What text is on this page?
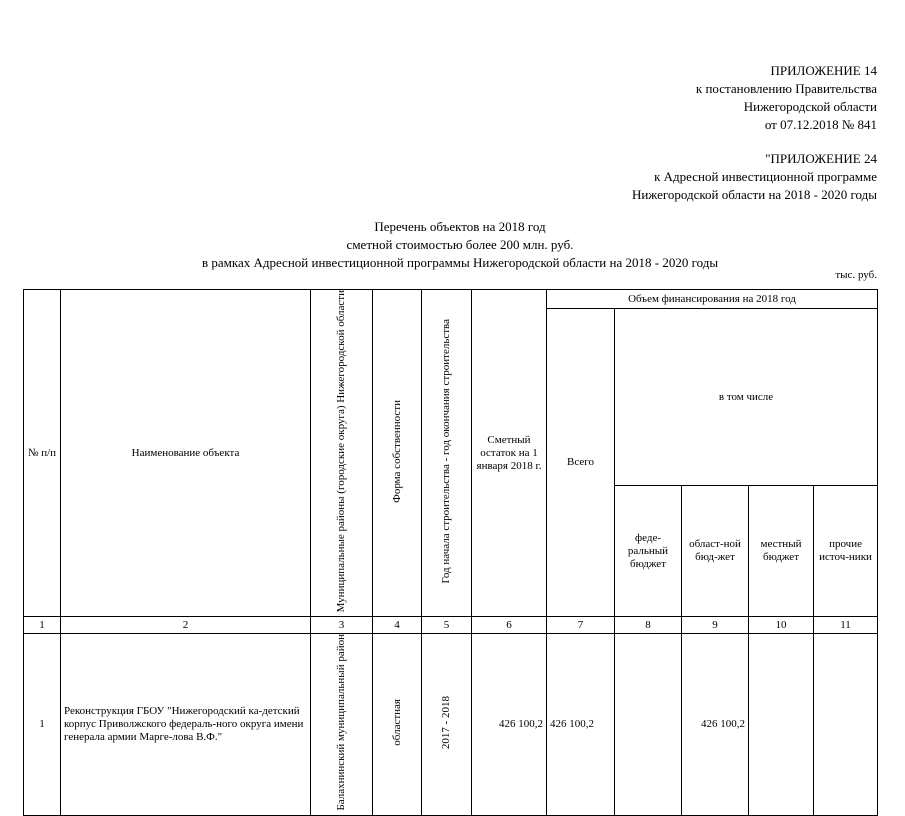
ПРИЛОЖЕНИЕ 14
к постановлению Правительства
Нижегородской области
от 07.12.2018 № 841
"ПРИЛОЖЕНИЕ 24
к Адресной инвестиционной программе
Нижегородской области на 2018 - 2020 годы
Перечень объектов на 2018 год
сметной стоимостью более 200 млн. руб.
в рамках Адресной инвестиционной программы Нижегородской области на 2018 - 2020 годы
тыс. руб.
№ п/п	Наименование объекта	Муниципальные районы (городские округа) Нижегородской области	Форма собственности	Год начала строительства - год окончания строительства	Сметный остаток на 1 января 2018 г.	Объем финансирования на 2018 год				
						Всего	в том числе			
							феде-ральный бюджет	област-ной бюд-жет	местный бюджет	прочие источ-ники
1	2	3	4	5	6	7	8	9	10	11
1	Реконструкция ГБОУ "Нижегородский ка-детский корпус Приволжского федераль-ного округа имени генерала армии Марге-лова В.Ф."	Балахнинский муниципальный район	областная	2017 - 2018	426 100,2	426 100,2		426 100,2		
